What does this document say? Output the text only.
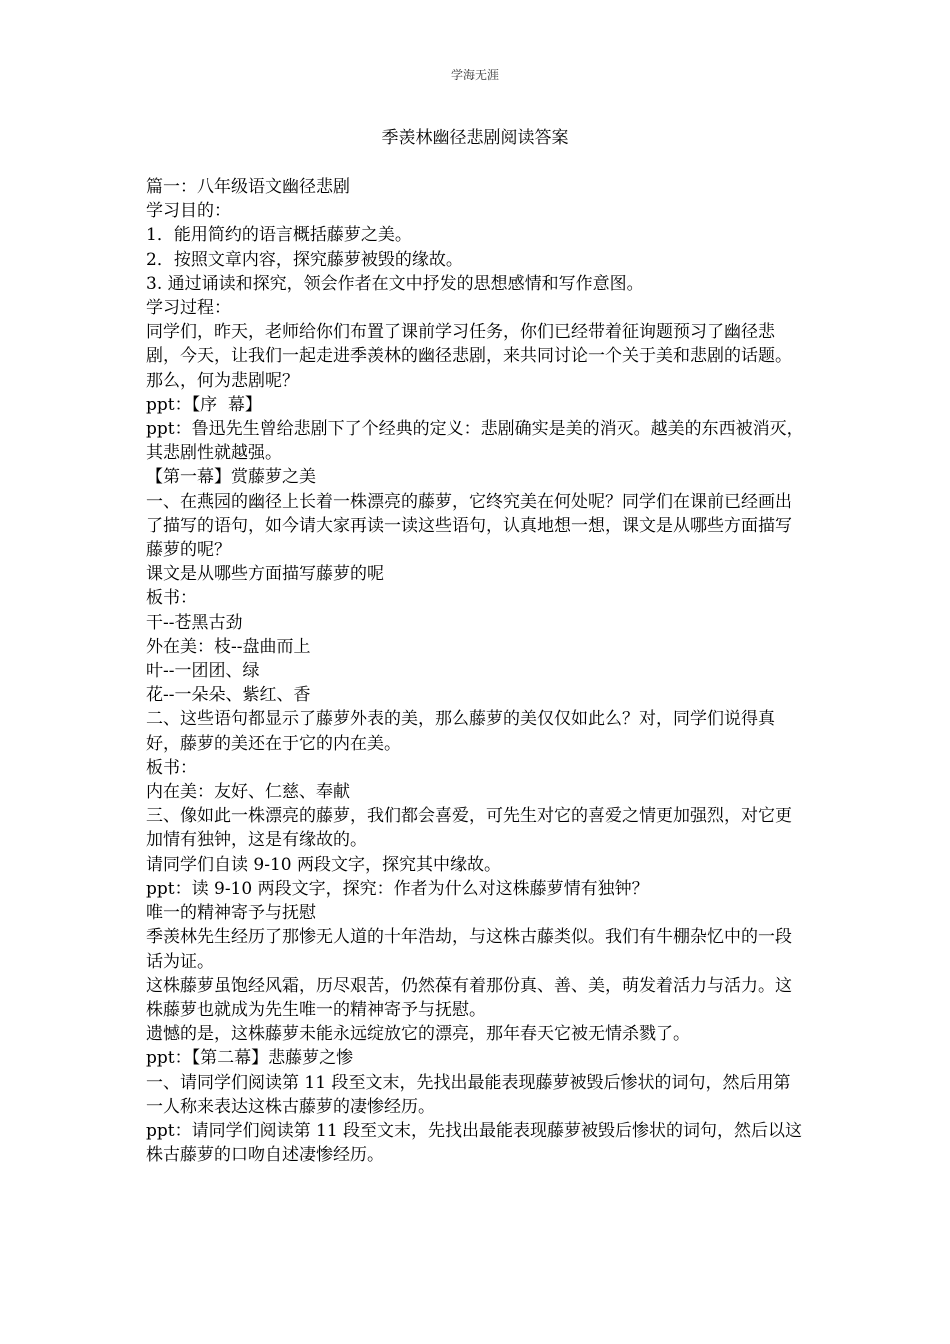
学海无涯
季羡林幽径悲剧阅读答案

篇一：八年级语文幽径悲剧

学习目的：

1．能用简约的语言概括藤萝之美。

2．按照文章内容，探究藤萝被毁的缘故。

3. 通过诵读和探究，领会作者在文中抒发的思想感情和写作意图。

学习过程：

同学们，昨天，老师给你们布置了课前学习任务，你们已经带着征询题预习了幽径悲剧，今天，让我们一起走进季羡林的幽径悲剧，来共同讨论一个关于美和悲剧的话题。那么，何为悲剧呢？

ppt：【序  幕】

ppt：鲁迅先生曾给悲剧下了个经典的定义：悲剧确实是美的消灭。越美的东西被消灭，其悲剧性就越强。

【第一幕】赏藤萝之美

一、在燕园的幽径上长着一株漂亮的藤萝，它终究美在何处呢？同学们在课前已经画出了描写的语句，如今请大家再读一读这些语句，认真地想一想，课文是从哪些方面描写藤萝的呢？

课文是从哪些方面描写藤萝的呢

板书：

干--苍黑古劲

外在美：枝--盘曲而上

叶--一团团、绿

花--一朵朵、紫红、香

二、这些语句都显示了藤萝外表的美，那么藤萝的美仅仅如此么？对，同学们说得真好，藤萝的美还在于它的内在美。

板书：

内在美：友好、仁慈、奉献

三、像如此一株漂亮的藤萝，我们都会喜爱，可先生对它的喜爱之情更加强烈，对它更加情有独钟，这是有缘故的。

请同学们自读 9-10 两段文字，探究其中缘故。

ppt：读 9-10 两段文字，探究：作者为什么对这株藤萝情有独钟？

唯一的精神寄予与抚慰

季羡林先生经历了那惨无人道的十年浩劫，与这株古藤类似。我们有牛棚杂忆中的一段话为证。

这株藤萝虽饱经风霜，历尽艰苦，仍然葆有着那份真、善、美，萌发着活力与活力。这株藤萝也就成为先生唯一的精神寄予与抚慰。

遗憾的是，这株藤萝未能永远绽放它的漂亮，那年春天它被无情杀戮了。

ppt：【第二幕】悲藤萝之惨

一、请同学们阅读第 11 段至文末，先找出最能表现藤萝被毁后惨状的词句，然后用第一人称来表达这株古藤萝的凄惨经历。

ppt：请同学们阅读第 11 段至文末，先找出最能表现藤萝被毁后惨状的词句，然后以这株古藤萝的口吻自述凄惨经历。
